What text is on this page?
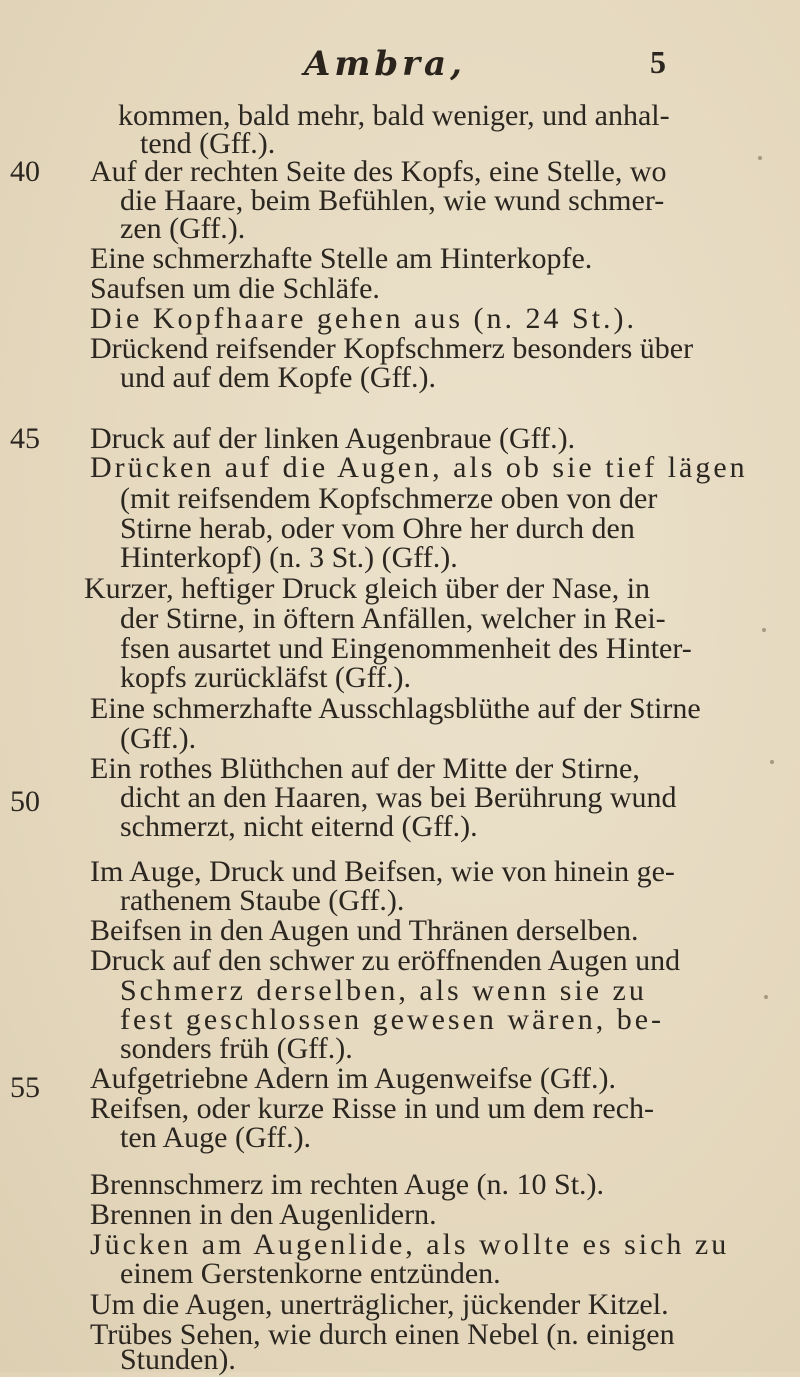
Ambra,	5
40
45
50
55
kommen, bald mehr, bald weniger, und anhal-
tend (Gff.).
Auf der rechten Seite des Kopfs, eine Stelle, wo
die Haare, beim Befühlen, wie wund schmer-
zen (Gff.).
Eine schmerzhafte Stelle am Hinterkopfe.
Saufsen um die Schläfe.
Die Kopfhaare gehen aus (n. 24 St.).
Drückend reifsender Kopfschmerz besonders über
und auf dem Kopfe (Gff.).
Druck auf der linken Augenbraue (Gff.).
Drücken auf die Augen, als ob sie tief lägen
(mit reifsendem Kopfschmerze oben von der
Stirne herab, oder vom Ohre her durch den
Hinterkopf) (n. 3 St.) (Gff.).
Kurzer, heftiger Druck gleich über der Nase, in
der Stirne, in öftern Anfällen, welcher in Rei-
fsen ausartet und Eingenommenheit des Hinter-
kopfs zurückläfst (Gff.).
Eine schmerzhafte Ausschlagsblüthe auf der Stirne
(Gff.).
Ein rothes Blüthchen auf der Mitte der Stirne,
dicht an den Haaren, was bei Berührung wund
schmerzt, nicht eiternd (Gff.).
Im Auge, Druck und Beifsen, wie von hinein ge-
rathenem Staube (Gff.).
Beifsen in den Augen und Thränen derselben.
Druck auf den schwer zu eröffnenden Augen und
Schmerz derselben, als wenn sie zu
fest geschlossen gewesen wären, be-
sonders früh (Gff.).
Aufgetriebne Adern im Augenweifse (Gff.).
Reifsen, oder kurze Risse in und um dem rech-
ten Auge (Gff.).
Brennschmerz im rechten Auge (n. 10 St.).
Brennen in den Augenlidern.
Jücken am Augenlide, als wollte es sich zu
einem Gerstenkorne entzünden.
Um die Augen, unerträglicher, jückender Kitzel.
Trübes Sehen, wie durch einen Nebel (n. einigen
Stunden).
